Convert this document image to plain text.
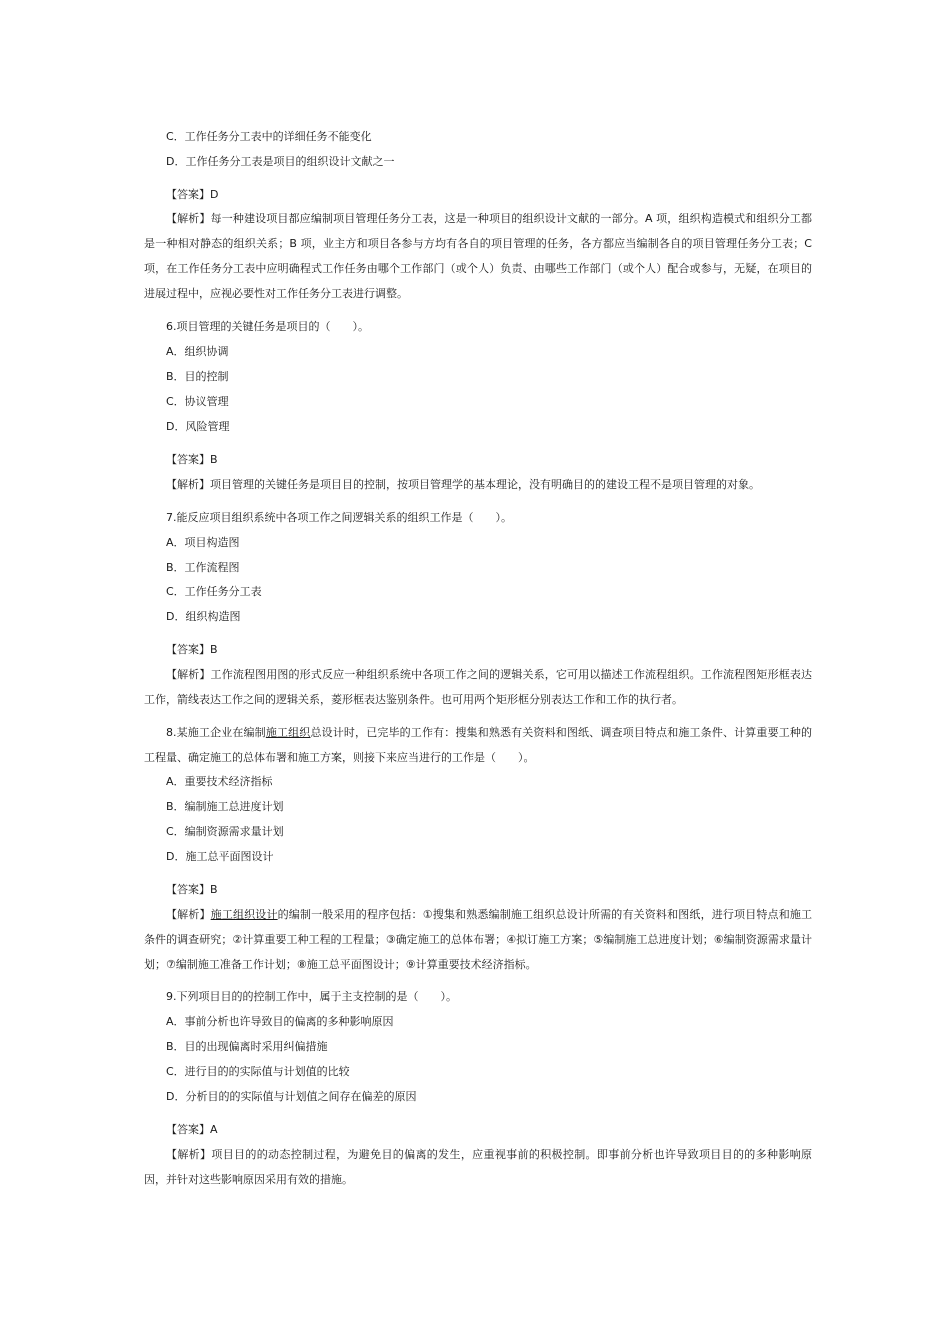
C．工作任务分工表中的详细任务不能变化
D．工作任务分工表是项目的组织设计文献之一
【答案】D
【解析】每一种建设项目都应编制项目管理任务分工表，这是一种项目的组织设计文献的一部分。A 项，组织构造模式和组织分工都是一种相对静态的组织关系；B 项，业主方和项目各参与方均有各自的项目管理的任务，各方都应当编制各自的项目管理任务分工表；C 项，在工作任务分工表中应明确程式工作任务由哪个工作部门（或个人）负责、由哪些工作部门（或个人）配合或参与，无疑，在项目的进展过程中，应视必要性对工作任务分工表进行调整。
6.项目管理的关键任务是项目的（　　）。
A．组织协调
B．目的控制
C．协议管理
D．风险管理
【答案】B
【解析】项目管理的关键任务是项目目的控制，按项目管理学的基本理论，没有明确目的的建设工程不是项目管理的对象。
7.能反应项目组织系统中各项工作之间逻辑关系的组织工作是（　　）。
A．项目构造图
B．工作流程图
C．工作任务分工表
D．组织构造图
【答案】B
【解析】工作流程图用图的形式反应一种组织系统中各项工作之间的逻辑关系，它可用以描述工作流程组织。工作流程图矩形框表达工作，箭线表达工作之间的逻辑关系，菱形框表达鉴别条件。也可用两个矩形框分别表达工作和工作的执行者。
8.某施工企业在编制施工组织总设计时，已完毕的工作有：搜集和熟悉有关资料和图纸、调查项目特点和施工条件、计算重要工种的工程量、确定施工的总体布署和施工方案，则接下来应当进行的工作是（　　）。
A．重要技术经济指标
B．编制施工总进度计划
C．编制资源需求量计划
D．施工总平面图设计
【答案】B
【解析】施工组织设计的编制一般采用的程序包括：①搜集和熟悉编制施工组织总设计所需的有关资料和图纸，进行项目特点和施工条件的调查研究；②计算重要工种工程的工程量；③确定施工的总体布署；④拟订施工方案；⑤编制施工总进度计划；⑥编制资源需求量计划；⑦编制施工准备工作计划；⑧施工总平面图设计；⑨计算重要技术经济指标。
9.下列项目目的的控制工作中，属于主支控制的是（　　）。
A．事前分析也许导致目的偏离的多种影响原因
B．目的出现偏离时采用纠偏措施
C．进行目的的实际值与计划值的比较
D．分析目的的实际值与计划值之间存在偏差的原因
【答案】A
【解析】项目目的的动态控制过程，为避免目的偏离的发生，应重视事前的积极控制。即事前分析也许导致项目目的的多种影响原因，并针对这些影响原因采用有效的措施。
